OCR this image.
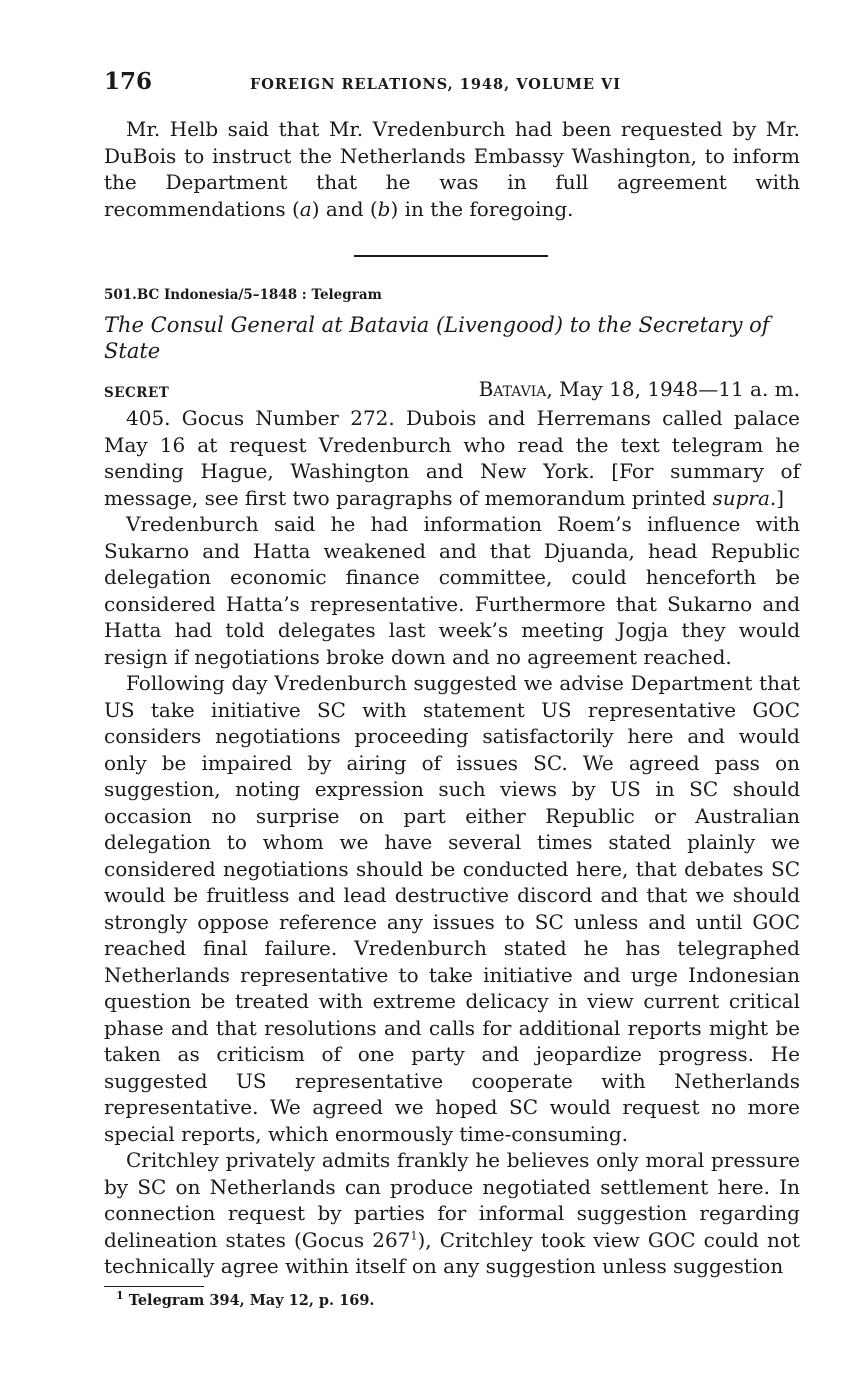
176	FOREIGN RELATIONS, 1948, VOLUME VI

Mr. Helb said that Mr. Vredenburch had been requested by Mr. DuBois to instruct the Netherlands Embassy Washington, to inform the Department that he was in full agreement with recommendations (a) and (b) in the foregoing.

501.BC Indonesia/5–1848 : Telegram

The Consul General at Batavia (Livengood) to the Secretary of State

SECRET	Batavia, May 18, 1948—11 a. m.

405. Gocus Number 272. Dubois and Herremans called palace May 16 at request Vredenburch who read the text telegram he sending Hague, Washington and New York. [For summary of message, see first two paragraphs of memorandum printed supra.]

Vredenburch said he had information Roem’s influence with Sukarno and Hatta weakened and that Djuanda, head Republic delegation economic finance committee, could henceforth be considered Hatta’s representative. Furthermore that Sukarno and Hatta had told delegates last week’s meeting Jogja they would resign if negotiations broke down and no agreement reached.

Following day Vredenburch suggested we advise Department that US take initiative SC with statement US representative GOC considers negotiations proceeding satisfactorily here and would only be impaired by airing of issues SC. We agreed pass on suggestion, noting expression such views by US in SC should occasion no surprise on part either Republic or Australian delegation to whom we have several times stated plainly we considered negotiations should be conducted here, that debates SC would be fruitless and lead destructive discord and that we should strongly oppose reference any issues to SC unless and until GOC reached final failure. Vredenburch stated he has telegraphed Netherlands representative to take initiative and urge Indonesian question be treated with extreme delicacy in view current critical phase and that resolutions and calls for additional reports might be taken as criticism of one party and jeopardize progress. He suggested US representative cooperate with Netherlands representative. We agreed we hoped SC would request no more special reports, which enormously time-consuming.

Critchley privately admits frankly he believes only moral pressure by SC on Netherlands can produce negotiated settlement here. In connection request by parties for informal suggestion regarding delineation states (Gocus $267^1$), Critchley took view GOC could not technically agree within itself on any suggestion unless suggestion

$^1$ Telegram 394, May 12, p. 169.
